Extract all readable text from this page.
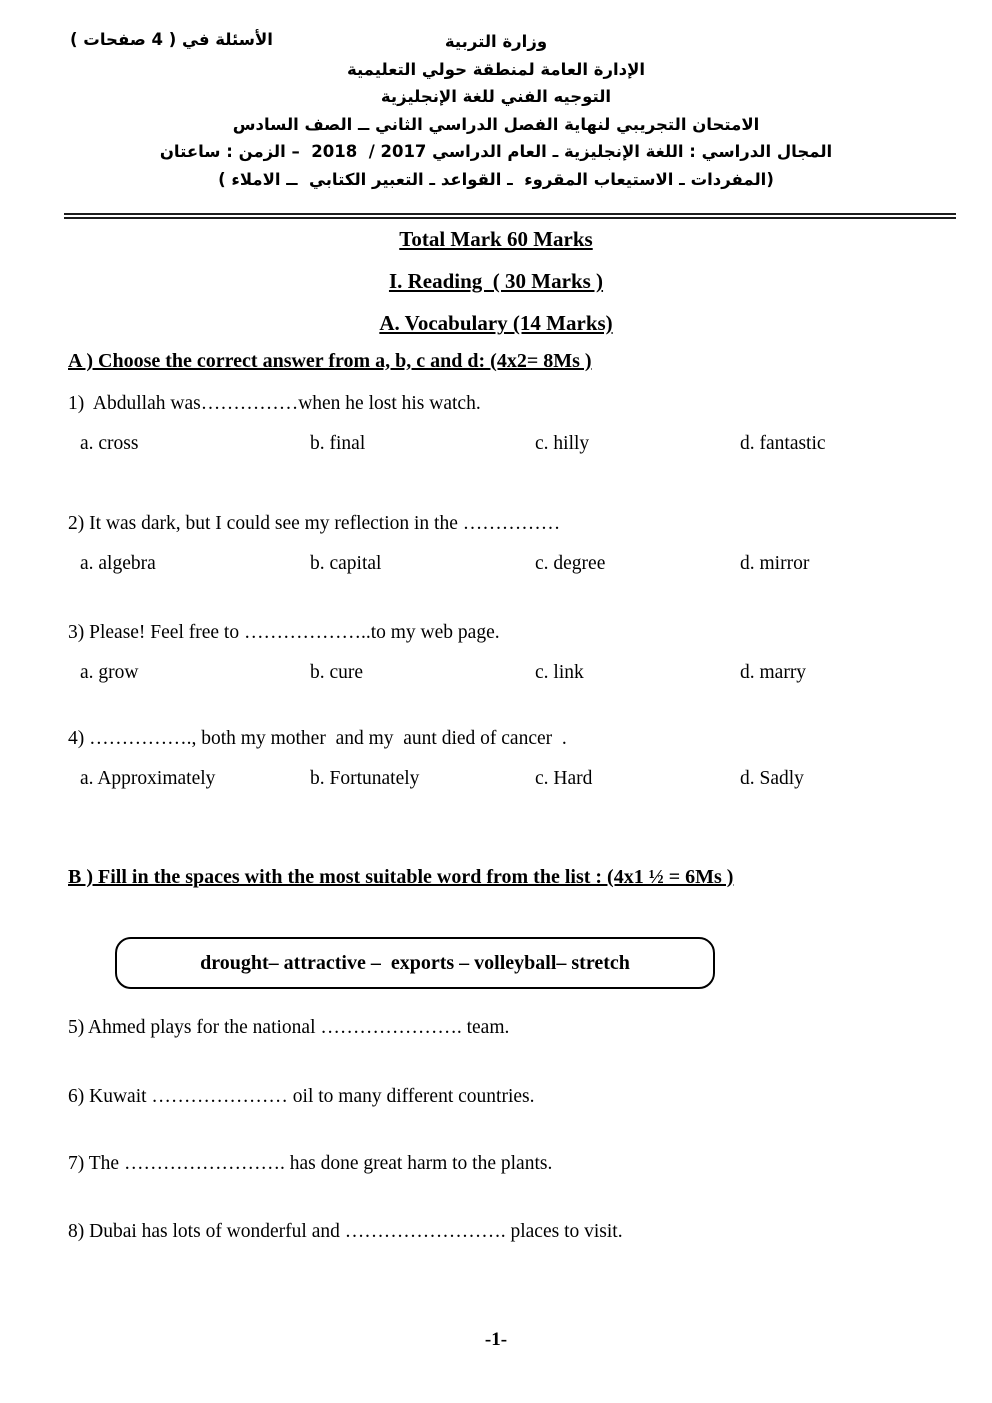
الأسئلة في ( 4 صفحات )	وزارة التربية
الإدارة العامة لمنطقة حولي التعليمية
التوجيه الفني للغة الإنجليزية
الامتحان التجريبي لنهاية الفصل الدراسي الثاني ــ الصف السادس
المجال الدراسي : اللغة الإنجليزية ـ العام الدراسي 2017 /  2018  – الزمن : ساعتان
(المفردات ـ الاستيعاب المقروء  ـ القواعد ـ التعبير الكتابي  ــ الاملاء )
Total Mark 60 Marks
I. Reading  ( 30 Marks )
A. Vocabulary (14 Marks)
A ) Choose the correct answer from a, b, c and d: (4x2= 8Ms )
1)  Abdullah was……………when he lost his watch.
a. cross	b. final	c. hilly	d. fantastic
2) It was dark, but I could see my reflection in the ……………
a. algebra	b. capital	c. degree	d. mirror
3) Please! Feel free to ………………..to my web page.
a. grow	b. cure	c. link	d. marry
4) ……………., both my mother  and my  aunt died of cancer  .
a. Approximately	b. Fortunately	c. Hard	d. Sadly
B ) Fill in the spaces with the most suitable word from the list : (4x1 ½ = 6Ms )
drought– attractive –  exports – volleyball– stretch
5) Ahmed plays for the national …………………. team.
6) Kuwait ………………… oil to many different countries.
7) The ……………………. has done great harm to the plants.
8) Dubai has lots of wonderful and ……………………. places to visit.
-1-
